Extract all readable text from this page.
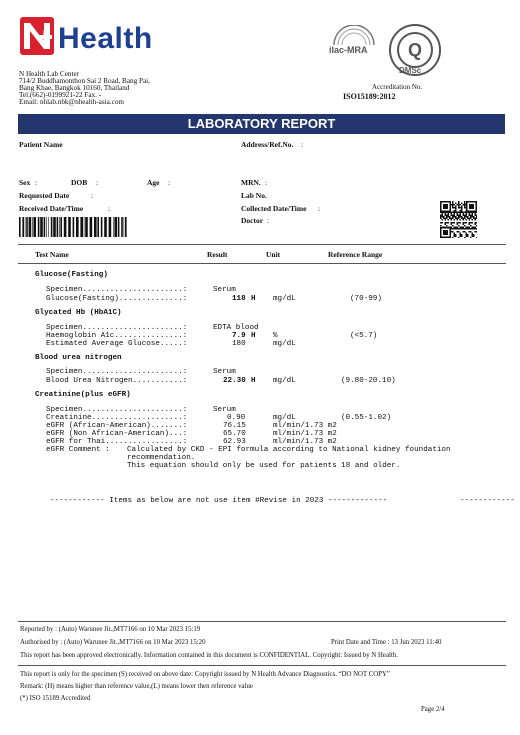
Health
N Health Lab Center
714/2 Buddhamonthon Sai 2 Road, Bang Pai,
Bang Khae, Bangkok 10160, Thailand
Tel.(662)-0199921-22 Fax. -
Email: nhlab.nbk@nhealth-asia.com
ilac-MRA Q
DMSc
Accreditation No.
ISO15189:2012
LABORATORY REPORT
Patient Name	Address/Ref.No. :
Sex :	DOB :	Age :	MRN. :
Requested Date	:	Lab No.
Received Date/Time	:	Collected Date/Time :
Doctor :
Test Name	Result	Unit	Reference Range
Glucose(Fasting)
Specimen......................:	Serum
Glucose(Fasting)..............:	118 H mg/dL	(70-99)
Glycated Hb (HbA1C)
Specimen......................:	EDTA blood
Haemoglobin A1c...............:	7.9 H %	(<5.7)
Estimated Average Glucose.....:	180	mg/dL
Blood urea nitrogen
Specimen......................:	Serum
Blood Urea Nitrogen...........:	22.30 H mg/dL	(9.80-20.10)
Creatinine(plus eGFR)
Specimen......................:	Serum
Creatinine....................:	0.90	mg/dL	(0.55-1.02)
eGFR (African-American).......:	76.15	ml/min/1.73 m2
eGFR (Non African-American)...:	65.70	ml/min/1.73 m2
eGFR for Thai.................:	62.93	ml/min/1.73 m2
eGFR Comment : Calculated by CKD - EPI formula according to National kidney foundation
recommendation.
This equation should only be used for patients 18 and older.
------------ Items as below are not use item #Revise in 2023 -------------	------------
Reported by : (Auto) Warunee Jit.,MT7166 on 10 Mar 2023 15:19
Authorised by : (Auto) Warunee Jit.,MT7166 on 10 Mar 2023 15:20	Print Date and Time : 13 Jun 2023 11:40
This report has been approved electronically. Information contained in this document is CONFIDENTIAL. Copyright: Issued by N Health.
This report is only for the specimen (S) received on above date: Copyright issued by N Health Advance Diagnostics. “DO NOT COPY”
Remark: (H) means higher than reference value,(L) means lower then reference value
(*) ISO 15189 Accredited
Page 2/4
